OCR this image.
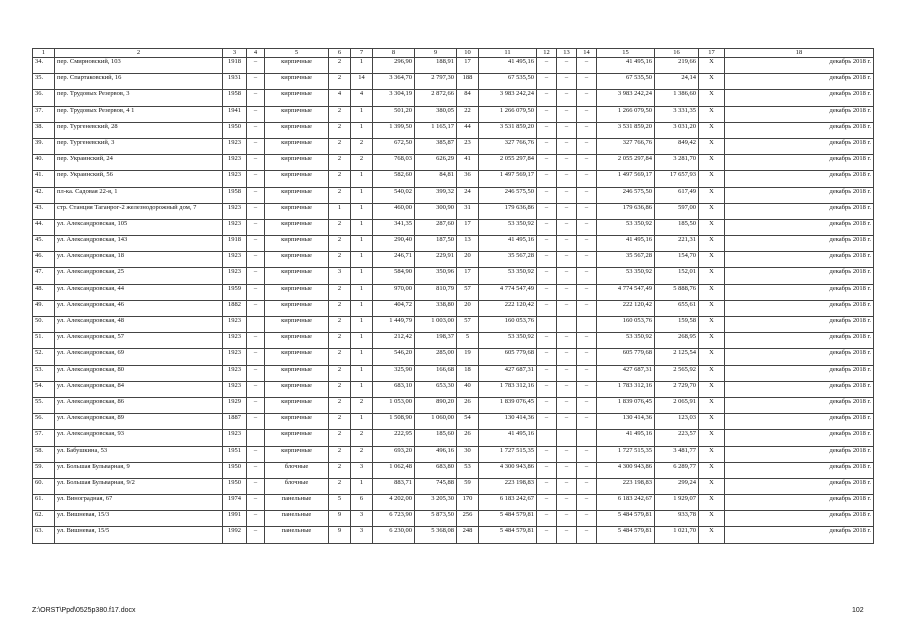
1	2	3	4	5	6	7	8	9	10	11	12	13	14	15	16	17	18
34.	пер. Смирновский, 103	1918	–	кирпичные	2	1	296,90	188,91	17	41 495,16	–	–	–	41 495,16	219,66	X	декабрь 2018 г.
35.	пер. Спартаковский, 16	1931	–	кирпичные	2	14	3 364,70	2 797,30	188	67 535,50	–	–	–	67 535,50	24,14	X	декабрь 2018 г.
36.	пер. Трудовых Резервов, 3	1958	–	кирпичные	4	4	3 304,19	2 872,66	84	3 983 242,24	–	–	–	3 983 242,24	1 386,60	X	декабрь 2018 г.
37.	пер. Трудовых Резервов, 4 1	1941	–	кирпичные	2	1	501,20	380,05	22	1 266 079,50	–	–	–	1 266 079,50	3 331,35	X	декабрь 2018 г.
38.	пер. Тургеневский, 28	1950	–	кирпичные	2	1	1 399,50	1 165,17	44	3 531 859,20	–	–	–	3 531 859,20	3 031,20	X	декабрь 2018 г.
39.	пер. Тургеневский, 3	1923	–	кирпичные	2	2	672,50	385,87	23	327 766,76	–	–	–	327 766,76	849,42	X	декабрь 2018 г.
40.	пер. Украинский, 24	1923	–	кирпичные	2	2	768,03	626,29	41	2 055 297,84	–	–	–	2 055 297,84	3 281,70	X	декабрь 2018 г.
41.	пер. Украинский, 56	1923	–	кирпичные	2	1	582,60	84,81	36	1 497 569,17	–	–	–	1 497 569,17	17 657,93	X	декабрь 2018 г.
42.	пл-ка. Садовая 22-я, 1	1958	–	кирпичные	2	1	540,02	399,32	24	246 575,50	–	–	–	246 575,50	617,49	X	декабрь 2018 г.
43.	стр. Станция Таганрог-2 железнодорожный дом, 7	1923	–	кирпичные	1	1	460,00	300,90	31	179 636,86	–	–	–	179 636,86	597,00	X	декабрь 2018 г.
44.	ул. Александровская, 105	1923	–	кирпичные	2	1	341,35	287,60	17	53 350,92	–	–	–	53 350,92	185,50	X	декабрь 2018 г.
45.	ул. Александровская, 143	1918	–	кирпичные	2	1	290,40	187,50	13	41 495,16	–	–	–	41 495,16	221,31	X	декабрь 2018 г.
46.	ул. Александровская, 18	1923	–	кирпичные	2	1	246,71	229,91	20	35 567,28	–	–	–	35 567,28	154,70	X	декабрь 2018 г.
47.	ул. Александровская, 25	1923	–	кирпичные	3	1	584,90	350,96	17	53 350,92	–	–	–	53 350,92	152,01	X	декабрь 2018 г.
48.	ул. Александровская, 44	1959	–	кирпичные	2	1	970,00	810,79	57	4 774 547,49	–	–	–	4 774 547,49	5 888,76	X	декабрь 2018 г.
49.	ул. Александровская, 46	1882	–	кирпичные	2	1	404,72	338,80	20	222 120,42	–	–	–	222 120,42	655,61	X	декабрь 2018 г.
50.	ул. Александровская, 48	1923		кирпичные	2	1	1 449,79	1 003,00	57	160 053,76				160 053,76	159,58	X	декабрь 2018 г.
51.	ул. Александровская, 57	1923	–	кирпичные	2	1	212,42	198,37	5	53 350,92	–	–	–	53 350,92	268,95	X	декабрь 2018 г.
52.	ул. Александровская, 69	1923	–	кирпичные	2	1	546,20	285,00	19	605 779,68	–	–	–	605 779,68	2 125,54	X	декабрь 2018 г.
53.	ул. Александровская, 80	1923	–	кирпичные	2	1	325,90	166,68	18	427 687,31	–	–	–	427 687,31	2 565,92	X	декабрь 2018 г.
54.	ул. Александровская, 84	1923	–	кирпичные	2	1	683,10	653,30	40	1 783 312,16	–	–	–	1 783 312,16	2 729,70	X	декабрь 2018 г.
55.	ул. Александровская, 86	1929	–	кирпичные	2	2	1 053,00	890,20	26	1 839 076,45	–	–	–	1 839 076,45	2 065,91	X	декабрь 2018 г.
56.	ул. Александровская, 89	1887	–	кирпичные	2	1	1 508,90	1 060,00	54	130 414,36	–	–	–	130 414,36	123,03	X	декабрь 2018 г.
57.	ул. Александровская, 93	1923		кирпичные	2	2	222,95	185,60	26	41 495,16				41 495,16	223,57	X	декабрь 2018 г.
58.	ул. Бабушкина, 53	1951	–	кирпичные	2	2	693,20	496,16	30	1 727 515,35	–	–	–	1 727 515,35	3 481,77	X	декабрь 2018 г.
59.	ул. Большая Бульварная, 9	1950	–	блочные	2	3	1 062,48	683,80	53	4 300 943,86	–	–	–	4 300 943,86	6 289,77	X	декабрь 2018 г.
60.	ул. Большая Бульварная, 9/2	1950	–	блочные	2	1	883,71	745,88	59	223 198,83	–	–	–	223 198,83	299,24	X	декабрь 2018 г.
61.	ул. Виноградная, 67	1974	–	панельные	5	6	4 202,00	3 205,30	170	6 183 242,67	–	–	–	6 183 242,67	1 929,07	X	декабрь 2018 г.
62.	ул. Вишневая, 15/3	1991	–	панельные	9	3	6 723,90	5 873,50	256	5 484 579,81	–	–	–	5 484 579,81	933,78	X	декабрь 2018 г.
63.	ул. Вишневая, 15/5	1992	–	панельные	9	3	6 230,00	5 368,08	248	5 484 579,81	–	–	–	5 484 579,81	1 021,70	X	декабрь 2018 г.
Z:\ORST\Ppd\0525p380.f17.docx	102
